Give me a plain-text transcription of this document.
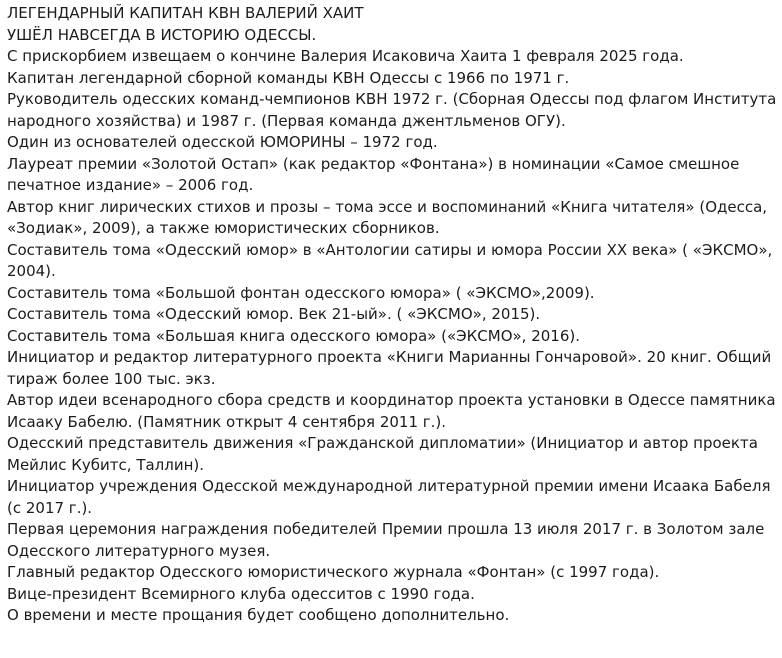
ЛЕГЕНДАРНЫЙ КАПИТАН КВН ВАЛЕРИЙ ХАИТ

УШЁЛ НАВСЕГДА В ИСТОРИЮ ОДЕССЫ.

С прискорбием извещаем о кончине Валерия Исаковича Хаита 1 февраля 2025 года.

Капитан легендарной сборной команды КВН Одессы с 1966 по 1971 г.

Руководитель одесских команд-чемпионов КВН 1972 г. (Сборная Одессы под флагом Института народного хозяйства) и 1987 г. (Первая команда джентльменов ОГУ).

Один из основателей одесской ЮМОРИНЫ – 1972 год.

Лауреат премии «Золотой Остап» (как редактор «Фонтана») в номинации «Самое смешное печатное издание» – 2006 год.

Автор книг лирических стихов и прозы – тома эссе и воспоминаний «Книга читателя» (Одесса, «Зодиак», 2009), а также юмористических сборников.

Составитель тома «Одесский юмор» в «Антологии сатиры и юмора России ХХ века» ( «ЭКСМО», 2004).

Составитель тома «Большой фонтан одесского юмора» ( «ЭКСМО»,2009).

Составитель тома «Одесский юмор. Век 21-ый». ( «ЭКСМО», 2015).

Составитель тома «Большая книга одесского юмора» («ЭКСМО», 2016).

Инициатор и редактор литературного проекта «Книги Марианны Гончаровой». 20 книг. Общий тираж более 100 тыс. экз.

Автор идеи всенародного сбора средств и координатор проекта установки в Одессе памятника Исааку Бабелю. (Памятник открыт 4 сентября 2011 г.).

Одесский представитель движения «Гражданской дипломатии» (Инициатор и автор проекта Мейлис Кубитс, Таллин).

Инициатор учреждения Одесской международной литературной премии имени Исаака Бабеля (с 2017 г.).

Первая церемония награждения победителей Премии прошла 13 июля 2017 г. в Золотом зале Одесского литературного музея.

Главный редактор Одесского юмористического журнала «Фонтан» (с 1997 года).

Вице-президент Всемирного клуба одесситов с 1990 года.

О времени и месте прощания будет сообщено дополнительно.
